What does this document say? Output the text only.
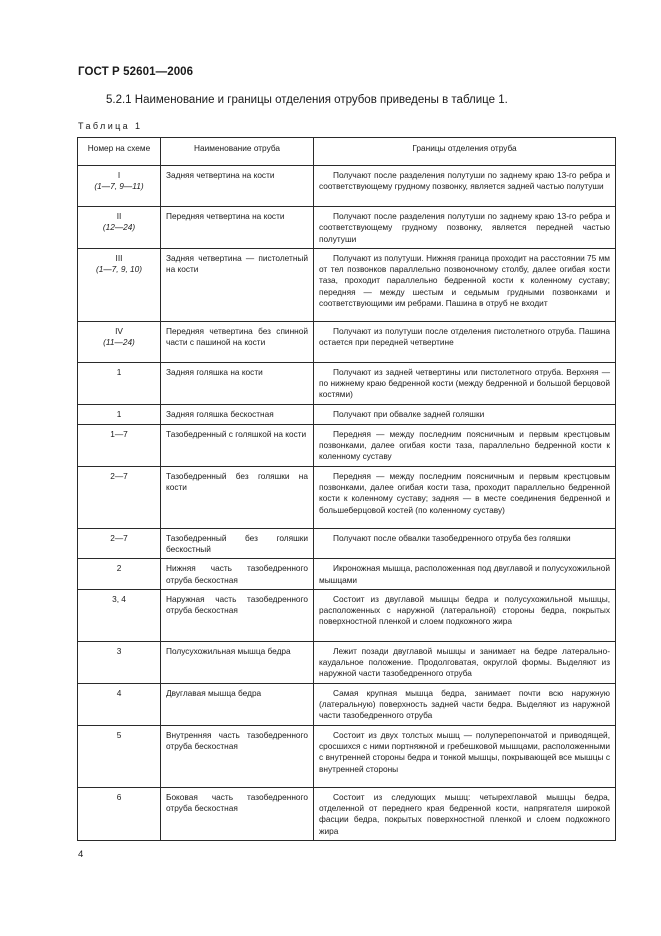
ГОСТ Р 52601—2006
5.2.1 Наименование и границы отделения отрубов приведены в таблице 1.
Таблица 1
Номер на схеме	Наименование отруба	Границы отделения отруба

I
(1—7, 9—11)	Задняя четвертина на кости	Получают после разделения полутуши по заднему краю 13-го ребра и соответствующему грудному позвонку, является задней частью полутуши

II
(12—24)	Передняя четвертина на кости	Получают после разделения полутуши по заднему краю 13-го ребра и соответствующему грудному позвонку, является передней частью полутуши

III
(1—7, 9, 10)	Задняя четвертина — пистолетный на кости	Получают из полутуши. Нижняя граница проходит на расстоянии 75 мм от тел позвонков параллельно позвоночному столбу, далее огибая кости таза, проходит параллельно бедренной кости к коленному суставу; передняя — между шестым и седьмым грудными позвонками и соответствующими им ребрами. Пашина в отруб не входит

IV
(11—24)	Передняя четвертина без спинной части с пашиной на кости	Получают из полутуши после отделения пистолетного отруба. Пашина остается при передней четвертине
1	Задняя голяшка на кости	Получают из задней четвертины или пистолетного отруба. Верхняя — по нижнему краю бедренной кости (между бедренной и большой берцовой костями)
1	Задняя голяшка бескостная	Получают при обвалке задней голяшки
1—7	Тазобедренный с голяшкой на кости	Передняя — между последним поясничным и первым крестцовым позвонками, далее огибая кости таза, параллельно бедренной кости к коленному суставу
2—7	Тазобедренный без голяшки на кости	Передняя — между последним поясничным и первым крестцовым позвонками, далее огибая кости таза, проходит параллельно бедренной кости к коленному суставу; задняя — в месте соединения бедренной и большеберцовой костей (по коленному суставу)
2—7	Тазобедренный без голяшки бескостный	Получают после обвалки тазобедренного отруба без голяшки
2	Нижняя часть тазобедренного отруба бескостная	Икроножная мышца, расположенная под двуглавой и полусухожильной мышцами
3, 4	Наружная часть тазобедренного отруба бескостная	Состоит из двуглавой мышцы бедра и полусухожильной мышцы, расположенных с наружной (латеральной) стороны бедра, покрытых поверхностной пленкой и слоем подкожного жира
3	Полусухожильная мышца бедра	Лежит позади двуглавой мышцы и занимает на бедре латерально-каудальное положение. Продолговатая, округлой формы. Выделяют из наружной части тазобедренного отруба
4	Двуглавая мышца бедра	Самая крупная мышца бедра, занимает почти всю наружную (латеральную) поверхность задней части бедра. Выделяют из наружной части тазобедренного отруба
5	Внутренняя часть тазобедренного отруба бескостная	Состоит из двух толстых мышц — полуперепончатой и приводящей, сросшихся с ними портняжной и гребешковой мышцами, расположенными с внутренней стороны бедра и тонкой мышцы, покрывающей все мышцы с внутренней стороны
6	Боковая часть тазобедренного отруба бескостная	Состоит из следующих мышц: четырехглавой мышцы бедра, отделенной от переднего края бедренной кости, напрягателя широкой фасции бедра, покрытых поверхностной пленкой и слоем подкожного жира
4
